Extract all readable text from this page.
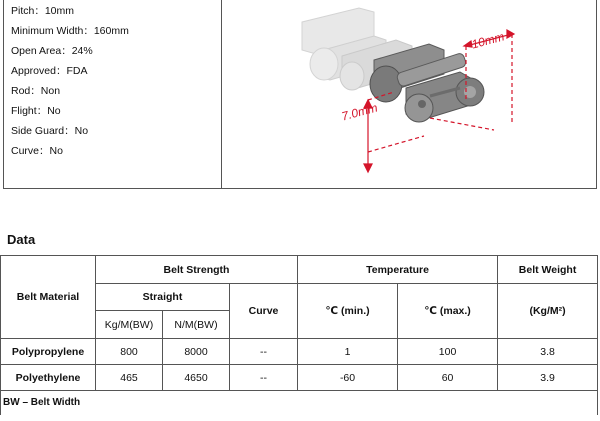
Pitch：10mm
Minimum Width：160mm
Open Area：24%
Approved：FDA
Rod：Non
Flight：No
Side Guard：No
Curve：No
10mm
7.0mm
Data
Belt Material	Belt Strength			Temperature		Belt Weight
	Straight		Curve	℃ (min.)	℃ (max.)	(Kg/M²)
	Kg/M(BW)	N/M(BW)				
Polypropylene	800	8000	--	1	100	3.8
Polyethylene	465	4650	--	-60	60	3.9
BW – Belt Width						
